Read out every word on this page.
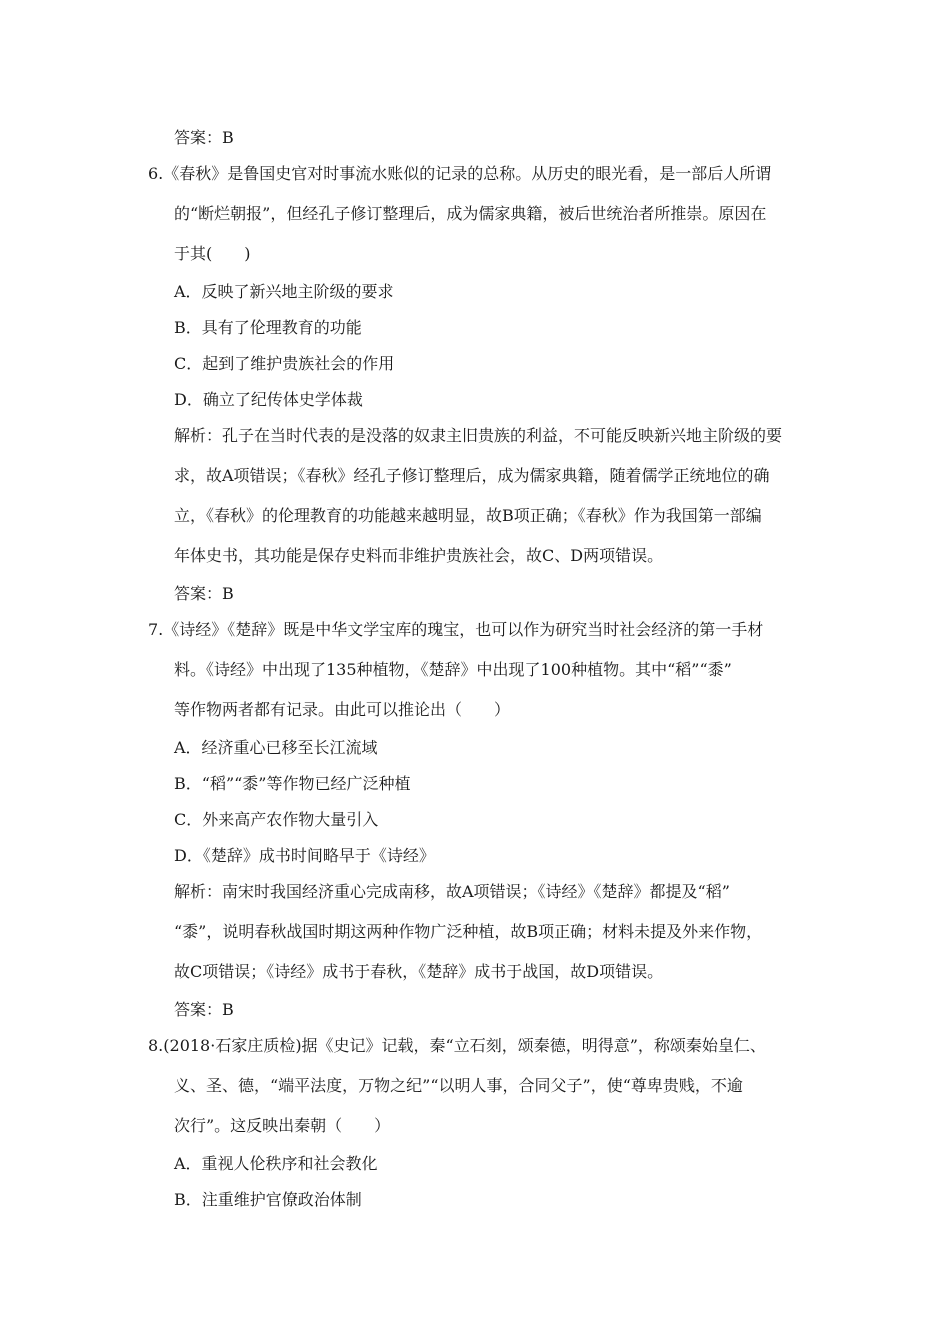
答案：B
6.《春秋》是鲁国史官对时事流水账似的记录的总称。从历史的眼光看，是一部后人所谓
的“断烂朝报”，但经孔子修订整理后，成为儒家典籍，被后世统治者所推崇。原因在
于其(　　)
A．反映了新兴地主阶级的要求
B．具有了伦理教育的功能
C．起到了维护贵族社会的作用
D．确立了纪传体史学体裁
解析：孔子在当时代表的是没落的奴隶主旧贵族的利益，不可能反映新兴地主阶级的要
求，故A项错误；《春秋》经孔子修订整理后，成为儒家典籍，随着儒学正统地位的确
立，《春秋》的伦理教育的功能越来越明显，故B项正确；《春秋》作为我国第一部编
年体史书，其功能是保存史料而非维护贵族社会，故C、D两项错误。
答案：B
7.《诗经》《楚辞》既是中华文学宝库的瑰宝，也可以作为研究当时社会经济的第一手材
料。《诗经》中出现了135种植物，《楚辞》中出现了100种植物。其中“稻”“黍”
等作物两者都有记录。由此可以推论出（　　）
A．经济重心已移至长江流域
B．“稻”“黍”等作物已经广泛种植
C．外来高产农作物大量引入
D．《楚辞》成书时间略早于《诗经》
解析：南宋时我国经济重心完成南移，故A项错误；《诗经》《楚辞》都提及“稻”
“黍”，说明春秋战国时期这两种作物广泛种植，故B项正确；材料未提及外来作物，
故C项错误；《诗经》成书于春秋，《楚辞》成书于战国，故D项错误。
答案：B
8.(2018·石家庄质检)据《史记》记载，秦“立石刻，颂秦德，明得意”，称颂秦始皇仁、
义、圣、德，“端平法度，万物之纪”“以明人事，合同父子”，使“尊卑贵贱，不逾
次行”。这反映出秦朝（　　）
A．重视人伦秩序和社会教化
B．注重维护官僚政治体制
